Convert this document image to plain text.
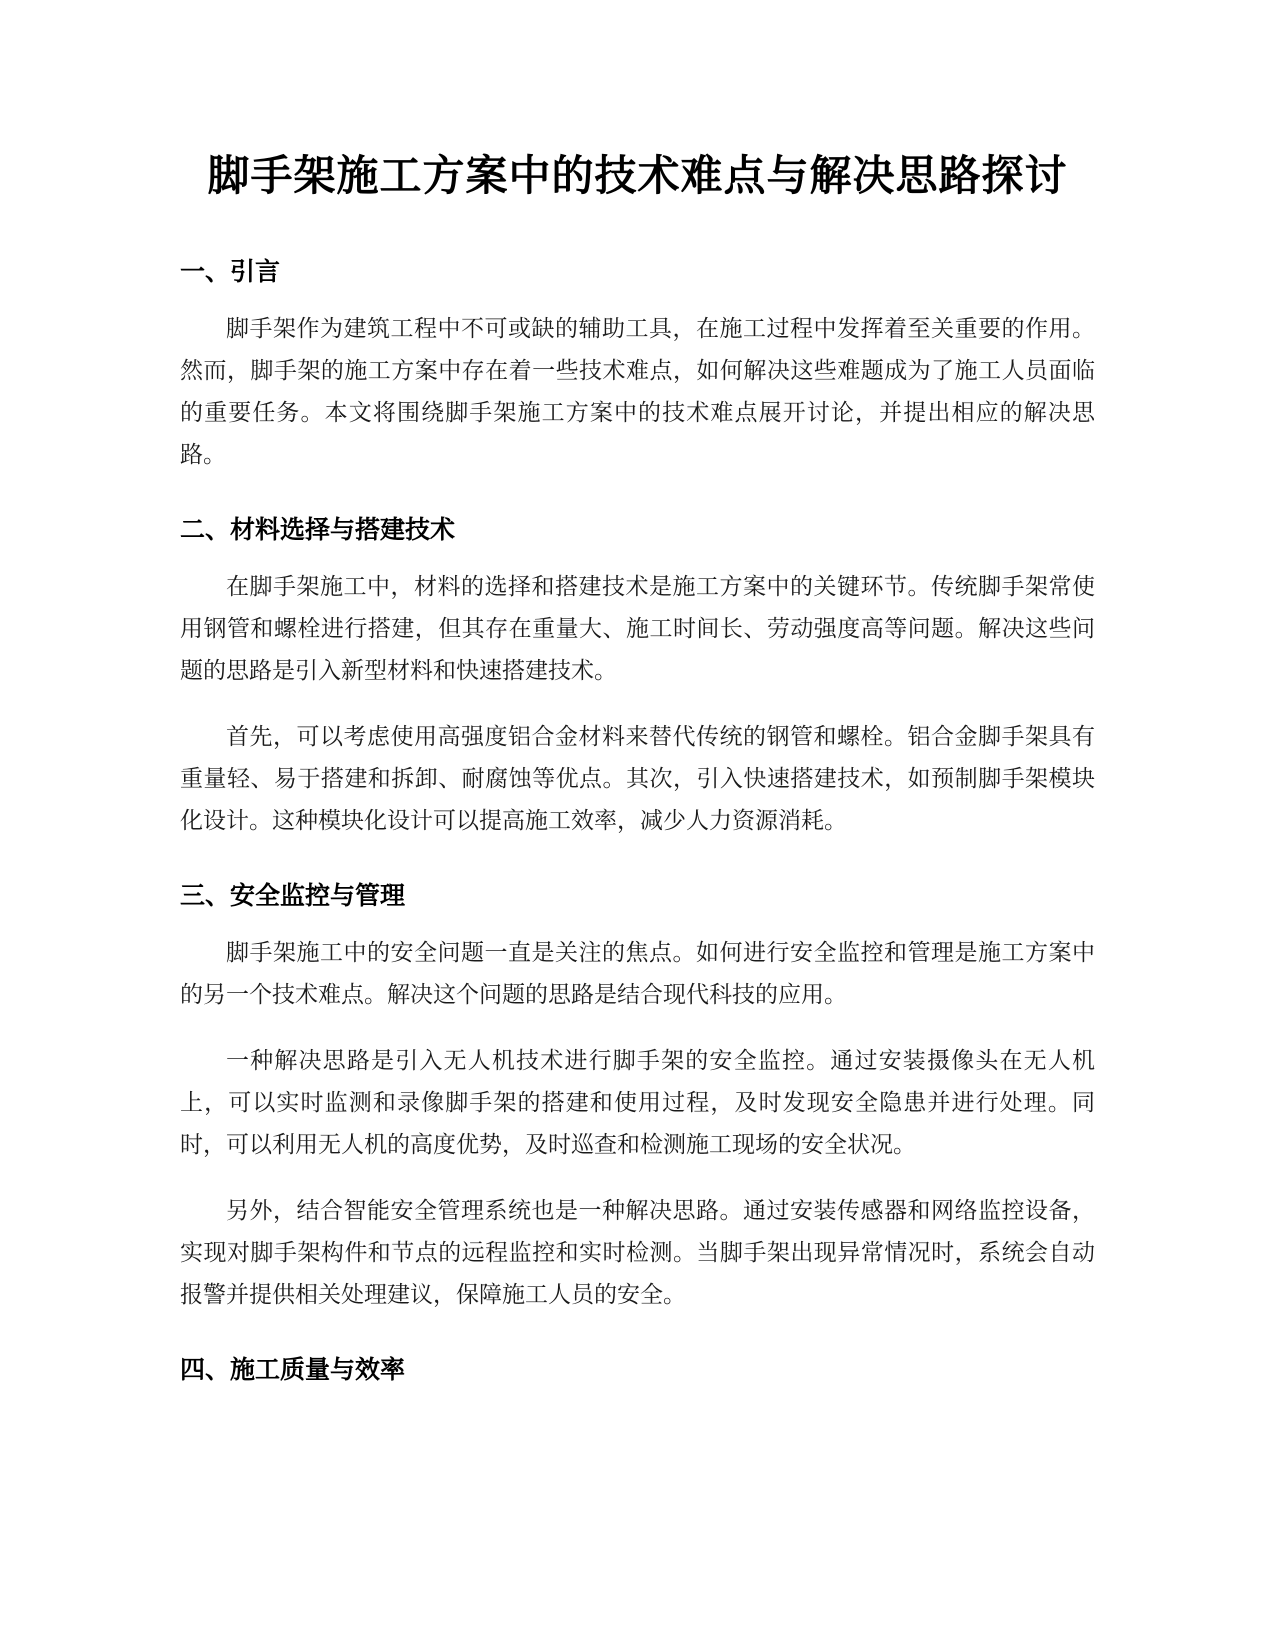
脚手架施工方案中的技术难点与解决思路探讨
一、引言

脚手架作为建筑工程中不可或缺的辅助工具，在施工过程中发挥着至关重要的作用。然而，脚手架的施工方案中存在着一些技术难点，如何解决这些难题成为了施工人员面临的重要任务。本文将围绕脚手架施工方案中的技术难点展开讨论，并提出相应的解决思路。

二、材料选择与搭建技术

在脚手架施工中，材料的选择和搭建技术是施工方案中的关键环节。传统脚手架常使用钢管和螺栓进行搭建，但其存在重量大、施工时间长、劳动强度高等问题。解决这些问题的思路是引入新型材料和快速搭建技术。

首先，可以考虑使用高强度铝合金材料来替代传统的钢管和螺栓。铝合金脚手架具有重量轻、易于搭建和拆卸、耐腐蚀等优点。其次，引入快速搭建技术，如预制脚手架模块化设计。这种模块化设计可以提高施工效率，减少人力资源消耗。

三、安全监控与管理

脚手架施工中的安全问题一直是关注的焦点。如何进行安全监控和管理是施工方案中的另一个技术难点。解决这个问题的思路是结合现代科技的应用。

一种解决思路是引入无人机技术进行脚手架的安全监控。通过安装摄像头在无人机上，可以实时监测和录像脚手架的搭建和使用过程，及时发现安全隐患并进行处理。同时，可以利用无人机的高度优势，及时巡查和检测施工现场的安全状况。

另外，结合智能安全管理系统也是一种解决思路。通过安装传感器和网络监控设备，实现对脚手架构件和节点的远程监控和实时检测。当脚手架出现异常情况时，系统会自动报警并提供相关处理建议，保障施工人员的安全。

四、施工质量与效率
